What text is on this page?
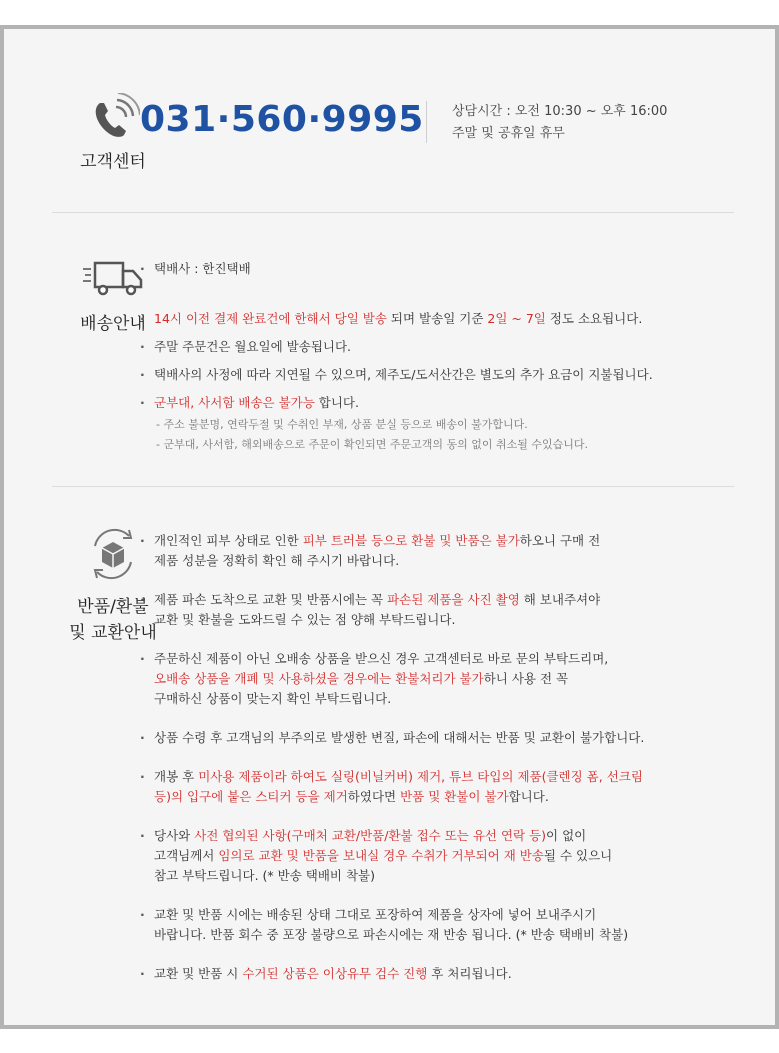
고객센터
031·560·9995 상담시간 : 오전 10:30 ~ 오후 16:00
주말 및 공휴일 휴무
배송안내
· 택배사 : 한진택배
· 14시 이전 결제 완료건에 한해서 당일 발송 되며 발송일 기준 2일 ~ 7일 정도 소요됩니다.
· 주말 주문건은 월요일에 발송됩니다.
· 택배사의 사정에 따라 지연될 수 있으며, 제주도/도서산간은 별도의 추가 요금이 지불됩니다.
· 군부대, 사서함 배송은 불가능 합니다.
- 주소 불분명, 연락두절 및 수취인 부재, 상품 분실 등으로 배송이 불가합니다.
- 군부대, 사서함, 해외배송으로 주문이 확인되면 주문고객의 동의 없이 취소될 수있습니다.
반품/환불
및 교환안내
· 개인적인 피부 상태로 인한 피부 트러블 등으로 환불 및 반품은 불가하오니 구매 전
제품 성분을 정확히 확인 해 주시기 바랍니다.
· 제품 파손 도착으로 교환 및 반품시에는 꼭 파손된 제품을 사진 촬영 해 보내주셔야
교환 및 환불을 도와드릴 수 있는 점 양해 부탁드립니다.
· 주문하신 제품이 아닌 오배송 상품을 받으신 경우 고객센터로 바로 문의 부탁드리며,
오배송 상품을 개폐 및 사용하셨을 경우에는 환불처리가 불가하니 사용 전 꼭
구매하신 상품이 맞는지 확인 부탁드립니다.
· 상품 수령 후 고객님의 부주의로 발생한 변질, 파손에 대해서는 반품 및 교환이 불가합니다.
· 개봉 후 미사용 제품이라 하여도 실링(비닐커버) 제거, 튜브 타입의 제품(클렌징 폼, 선크림
등)의 입구에 붙은 스티커 등을 제거하였다면 반품 및 환불이 불가합니다.
· 당사와 사전 협의된 사항(구매처 교환/반품/환불 접수 또는 유선 연락 등)이 없이
고객님께서 임의로 교환 및 반품을 보내실 경우 수취가 거부되어 재 반송될 수 있으니
참고 부탁드립니다. (* 반송 택배비 착불)
· 교환 및 반품 시에는 배송된 상태 그대로 포장하여 제품을 상자에 넣어 보내주시기
바랍니다. 반품 회수 중 포장 불량으로 파손시에는 재 반송 됩니다. (* 반송 택배비 착불)
· 교환 및 반품 시 수거된 상품은 이상유무 검수 진행 후 처리됩니다.
